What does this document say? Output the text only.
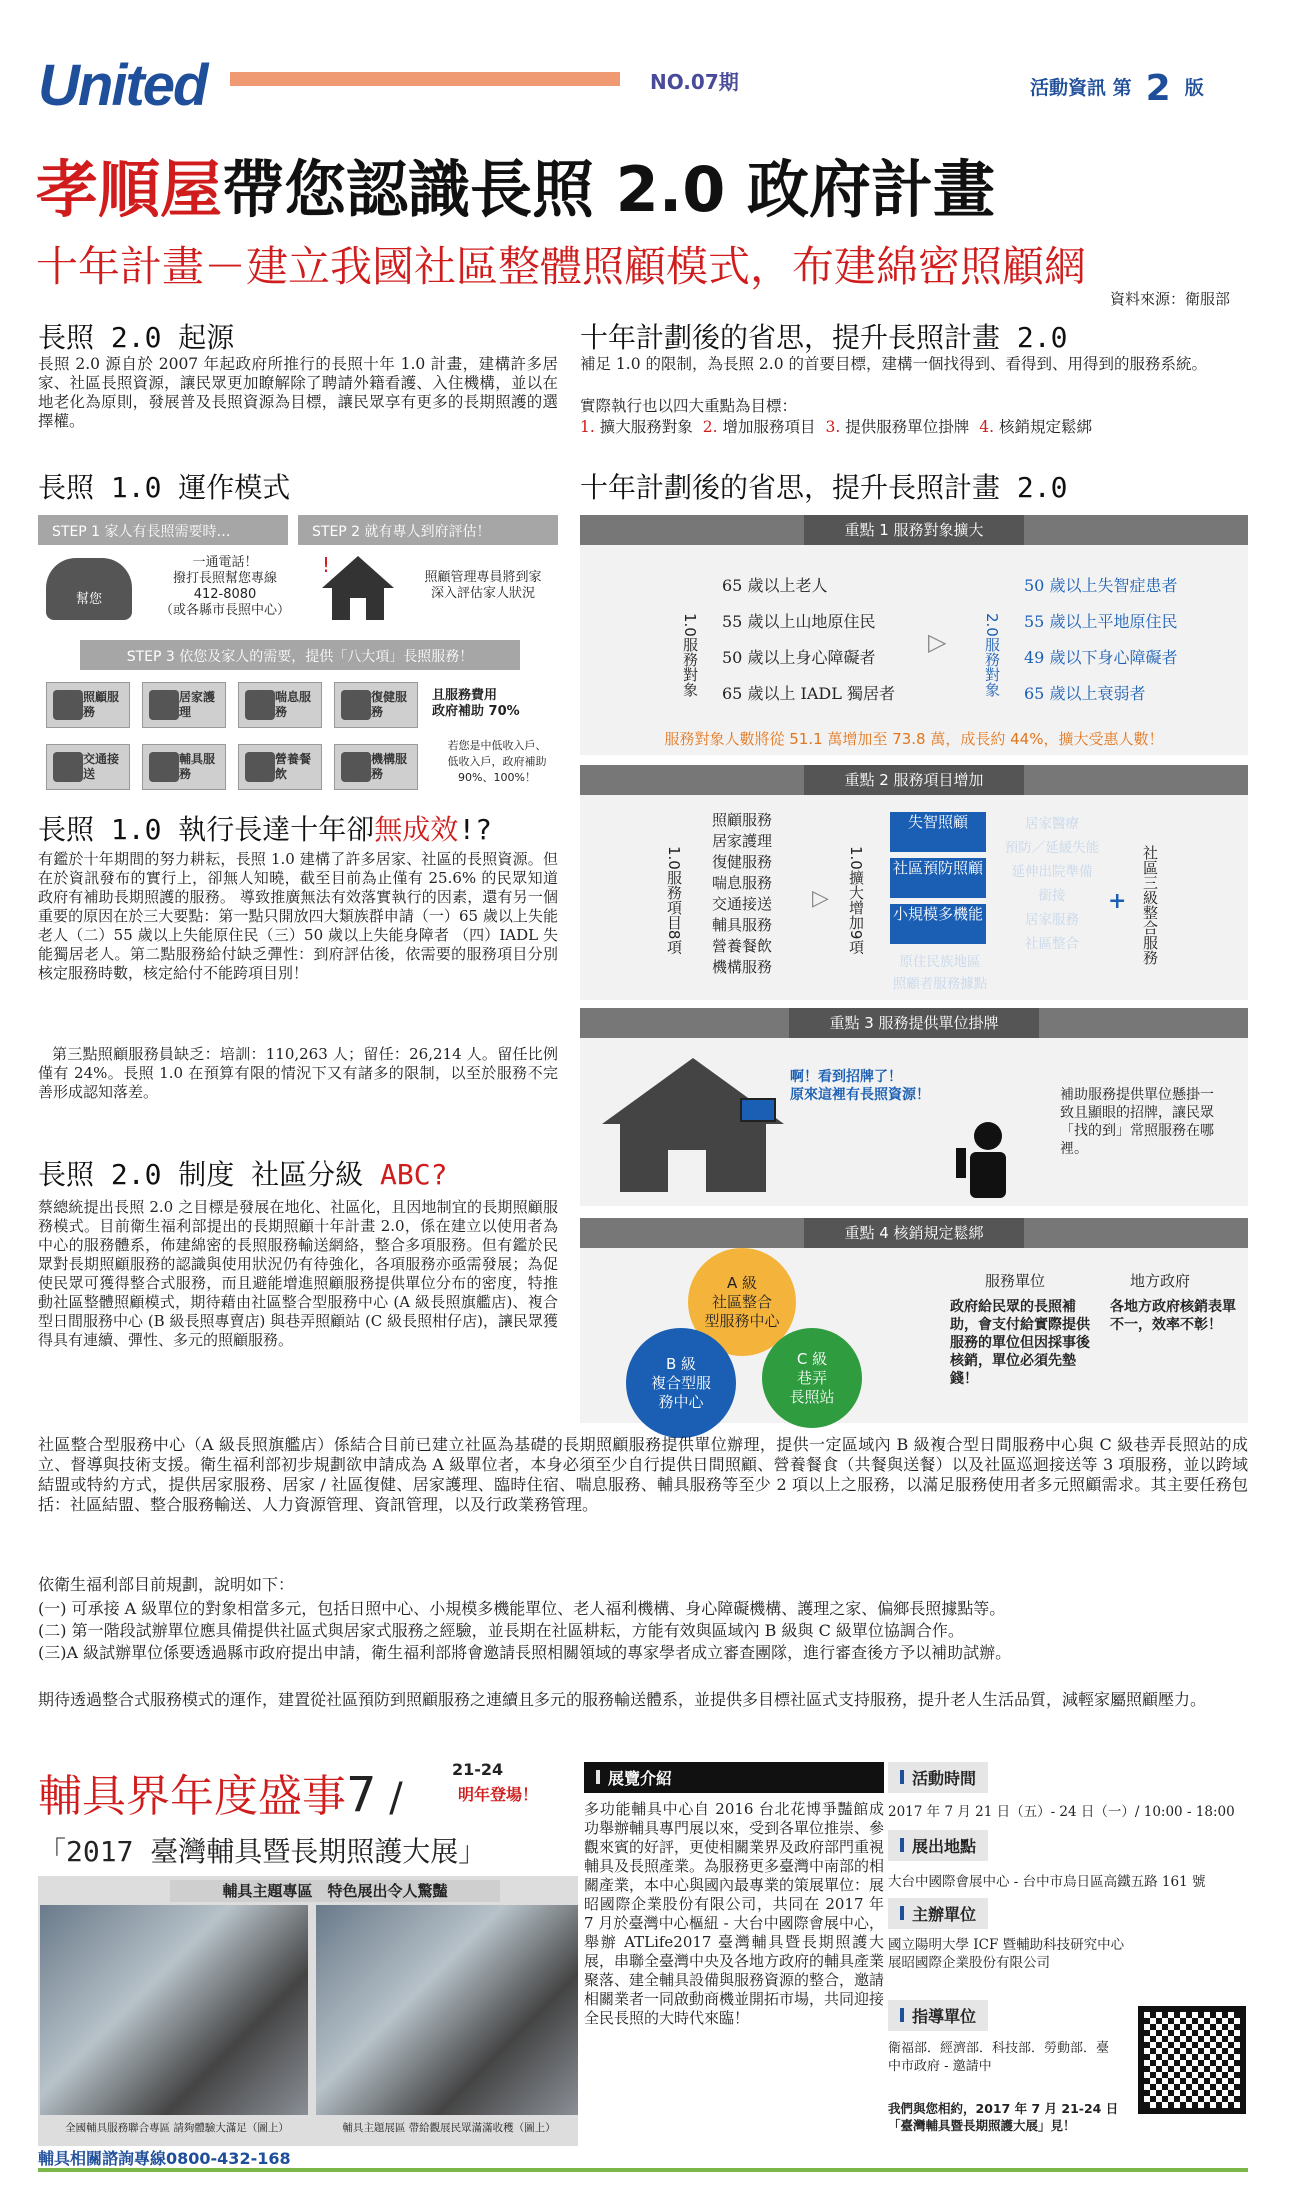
United	NO.07期	活動資訊 第 2 版
孝順屋帶您認識長照 2.0 政府計畫
十年計畫－建立我國社區整體照顧模式，布建綿密照顧網
資料來源：衛服部
長照 2.0 起源
長照 2.0 源自於 2007 年起政府所推行的長照十年 1.0 計畫，建構許多居家、社區長照資源，讓民眾更加瞭解除了聘請外籍看護、入住機構，並以在地老化為原則，發展普及長照資源為目標，讓民眾享有更多的長期照護的選擇權。
長照 1.0 運作模式
STEP 1 家人有長照需要時…	STEP 2 就有專人到府評估！
幫您
一通電話！
撥打長照幫您專線
412-8080
（或各縣市長照中心）
!
照顧管理專員將到家
深入評估家人狀況
STEP 3 依您及家人的需要，提供「八大項」長照服務！
照顧服務
居家護理
喘息服務
復健服務
交通接送
輔具服務
營養餐飲
機構服務
且服務費用
政府補助 70%
若您是中低收入戶、
低收入戶，政府補助
90%、100%！
長照 1.0 執行長達十年卻無成效!?
有鑑於十年期間的努力耕耘，長照 1.0 建構了許多居家、社區的長照資源。但在於資訊發布的實行上，卻無人知曉，截至目前為止僅有 25.6% 的民眾知道政府有補助長期照護的服務。 導致推廣無法有效落實執行的因素，還有另一個重要的原因在於三大要點：第一點只開放四大類族群申請（一）65 歲以上失能老人（二）55 歲以上失能原住民（三）50 歲以上失能身障者 （四）IADL 失能獨居老人。第二點服務給付缺乏彈性：到府評估後，依需要的服務項目分別核定服務時數，核定給付不能跨項目別！
第三點照顧服務員缺乏：培訓：110,263 人；留任：26,214 人。留任比例僅有 24%。長照 1.0 在預算有限的情況下又有諸多的限制，以至於服務不完善形成認知落差。
長照 2.0 制度 社區分級 ABC?
蔡總統提出長照 2.0 之目標是發展在地化、社區化，且因地制宜的長期照顧服務模式。目前衛生福利部提出的長期照顧十年計畫 2.0，係在建立以使用者為中心的服務體系，佈建綿密的長照服務輸送網絡，整合多項服務。但有鑑於民眾對長期照顧服務的認識與使用狀況仍有待強化，各項服務亦亟需發展；為促使民眾可獲得整合式服務，而且避能增進照顧服務提供單位分布的密度，特推動社區整體照顧模式，期待藉由社區整合型服務中心 (A 級長照旗艦店)、複合型日間服務中心 (B 級長照專賣店) 與巷弄照顧站 (C 級長照柑仔店)，讓民眾獲得具有連續、彈性、多元的照顧服務。
十年計劃後的省思，提升長照計畫 2.0
補足 1.0 的限制，為長照 2.0 的首要目標，建構一個找得到、看得到、用得到的服務系統。
實際執行也以四大重點為目標：
1. 擴大服務對象 2. 增加服務項目 3. 提供服務單位掛牌 4. 核銷規定鬆綁
十年計劃後的省思，提升長照計畫 2.0
重點 1 服務對象擴大
1.0服務對象
65 歲以上老人
55 歲以上山地原住民
50 歲以上身心障礙者
65 歲以上 IADL 獨居者
▷ 2.0服務對象
50 歲以上失智症患者
55 歲以上平地原住民
49 歲以下身心障礙者
65 歲以上衰弱者
服務對象人數將從 51.1 萬增加至 73.8 萬，成長約 44%，擴大受惠人數！
重點 2 服務項目增加
1.0服務項目8項
照顧服務
居家護理
復健服務
喘息服務
交通接送
輔具服務
營養餐飲
機構服務
▷ 1.0擴大增加9項
失智照顧
社區預防照顧
小規模多機能
原住民族地區
照顧者服務據點
居家醫療
預防／延緩失能
延伸出院準備
銜接
居家服務
社區整合
+ 社區三級整合服務
重點 3 服務提供單位掛牌
啊！看到招牌了！
原來這裡有長照資源！	補助服務提供單位懸掛一致且顯眼的招牌，讓民眾「找的到」常照服務在哪裡。
重點 4 核銷規定鬆綁
A 級
社區整合
型服務中心
B 級
複合型服
務中心
C 級
巷弄
長照站
服務單位	地方政府
政府給民眾的長照補助，會支付給實際提供服務的單位但因採事後核銷，單位必須先墊錢！
各地方政府核銷表單不一，效率不彰！
社區整合型服務中心（A 級長照旗艦店）係結合目前已建立社區為基礎的長期照顧服務提供單位辦理，提供一定區域內 B 級複合型日間服務中心與 C 級巷弄長照站的成立、督導與技術支援。衛生福利部初步規劃欲申請成為 A 級單位者，本身必須至少自行提供日間照顧、營養餐食（共餐與送餐）以及社區巡迴接送等 3 項服務，並以跨域結盟或特約方式，提供居家服務、居家 / 社區復健、居家護理、臨時住宿、喘息服務、輔具服務等至少 2 項以上之服務，以滿足服務使用者多元照顧需求。其主要任務包括：社區結盟、整合服務輸送、人力資源管理、資訊管理，以及行政業務管理。
依衛生福利部目前規劃，說明如下：
(一) 可承接 A 級單位的對象相當多元，包括日照中心、小規模多機能單位、老人福利機構、身心障礙機構、護理之家、偏鄉長照據點等。
(二) 第一階段試辦單位應具備提供社區式與居家式服務之經驗，並長期在社區耕耘，方能有效與區域內 B 級與 C 級單位協調合作。
(三)A 級試辦單位係要透過縣市政府提出申請，衛生福利部將會邀請長照相關領域的專家學者成立審查團隊，進行審查後方予以補助試辦。
期待透過整合式服務模式的運作，建置從社區預防到照顧服務之連續且多元的服務輸送體系，並提供多目標社區式支持服務，提升老人生活品質，減輕家屬照顧壓力。
輔具界年度盛事7 /
21-24
明年登場！
「2017 臺灣輔具暨長期照護大展」
輔具主題專區　特色展出令人驚豔
全國輔具服務聯合專區 請夠體驗大滿足（圖上）	輔具主題展區 帶給觀展民眾滿滿收穫（圖上）
展覽介紹
多功能輔具中心自 2016 台北花博爭豔館成功舉辦輔具專門展以來，受到各單位推崇、參觀來賓的好評，更使相關業界及政府部門重視輔具及長照產業。為服務更多臺灣中南部的相關產業，本中心與國內最專業的策展單位：展昭國際企業股份有限公司，共同在 2017 年 7 月於臺灣中心樞紐 - 大台中國際會展中心，舉辦 ATLife2017 臺灣輔具暨長期照護大展，串聯全臺灣中央及各地方政府的輔具產業聚落、建全輔具設備與服務資源的整合，邀請相關業者一同啟動商機並開拓市場，共同迎接全民長照的大時代來臨！
活動時間
2017 年 7 月 21 日（五）- 24 日（一）/ 10:00 - 18:00
展出地點
大台中國際會展中心 - 台中市烏日區高鐵五路 161 號
主辦單位
國立陽明大學 ICF 暨輔助科技研究中心
展昭國際企業股份有限公司
指導單位
衛福部．經濟部．科技部．勞動部．臺中市政府 - 邀請中
我們與您相約，2017 年 7 月 21-24 日「臺灣輔具暨長期照護大展」見！
輔具相關諮詢專線0800-432-168
